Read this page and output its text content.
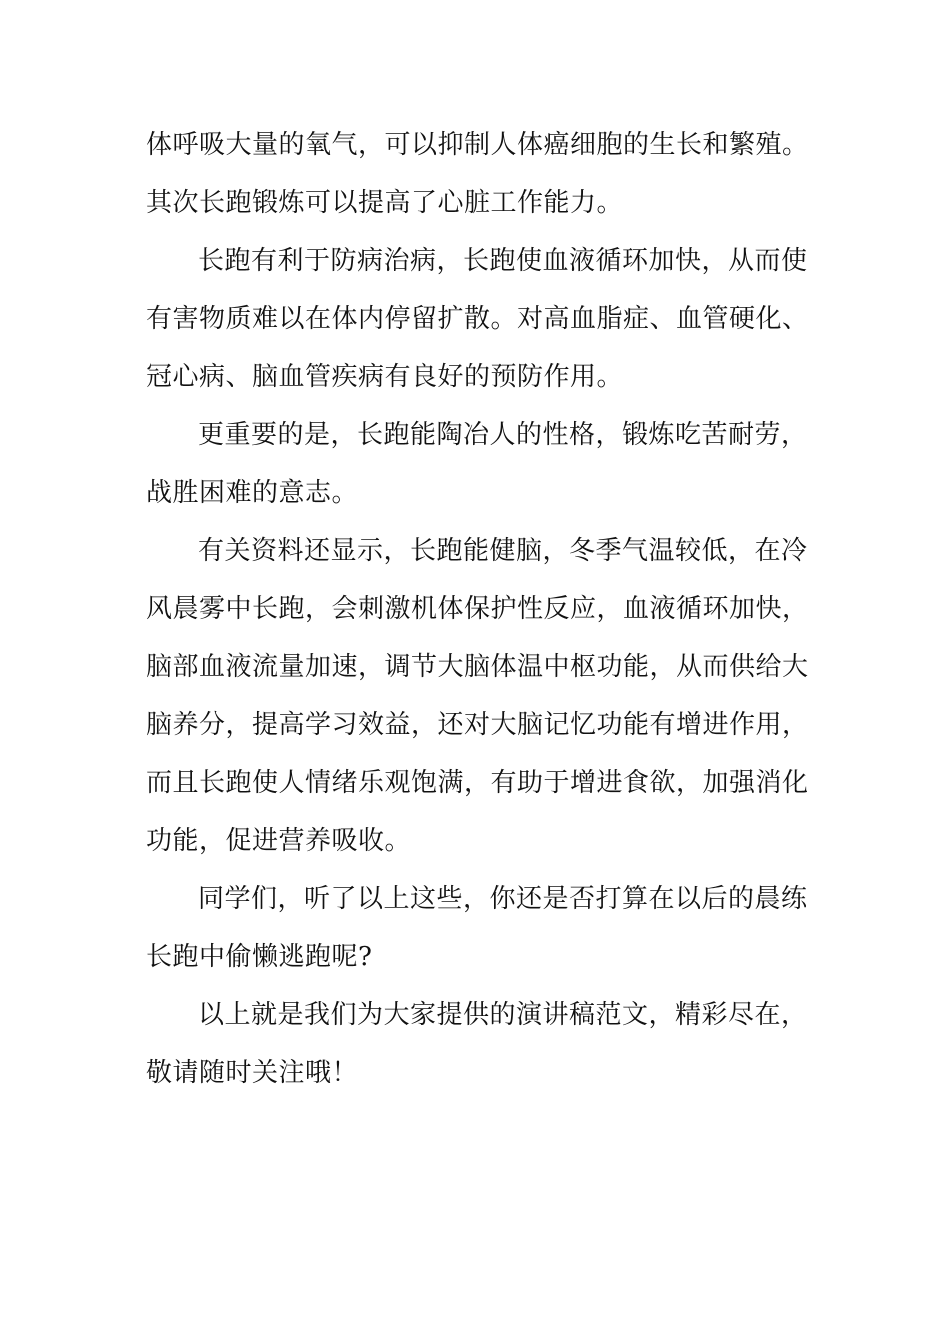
体呼吸大量的氧气，可以抑制人体癌细胞的生长和繁殖。
其次长跑锻炼可以提高了心脏工作能力。

长跑有利于防病治病，长跑使血液循环加快，从而使
有害物质难以在体内停留扩散。对高血脂症、血管硬化、
冠心病、脑血管疾病有良好的预防作用。

更重要的是，长跑能陶冶人的性格，锻炼吃苦耐劳，
战胜困难的意志。

有关资料还显示，长跑能健脑，冬季气温较低，在冷
风晨雾中长跑，会刺激机体保护性反应，血液循环加快，
脑部血液流量加速，调节大脑体温中枢功能，从而供给大
脑养分，提高学习效益，还对大脑记忆功能有增进作用，
而且长跑使人情绪乐观饱满，有助于增进食欲，加强消化
功能，促进营养吸收。

同学们，听了以上这些，你还是否打算在以后的晨练
长跑中偷懒逃跑呢?

以上就是我们为大家提供的演讲稿范文，精彩尽在，
敬请随时关注哦！
